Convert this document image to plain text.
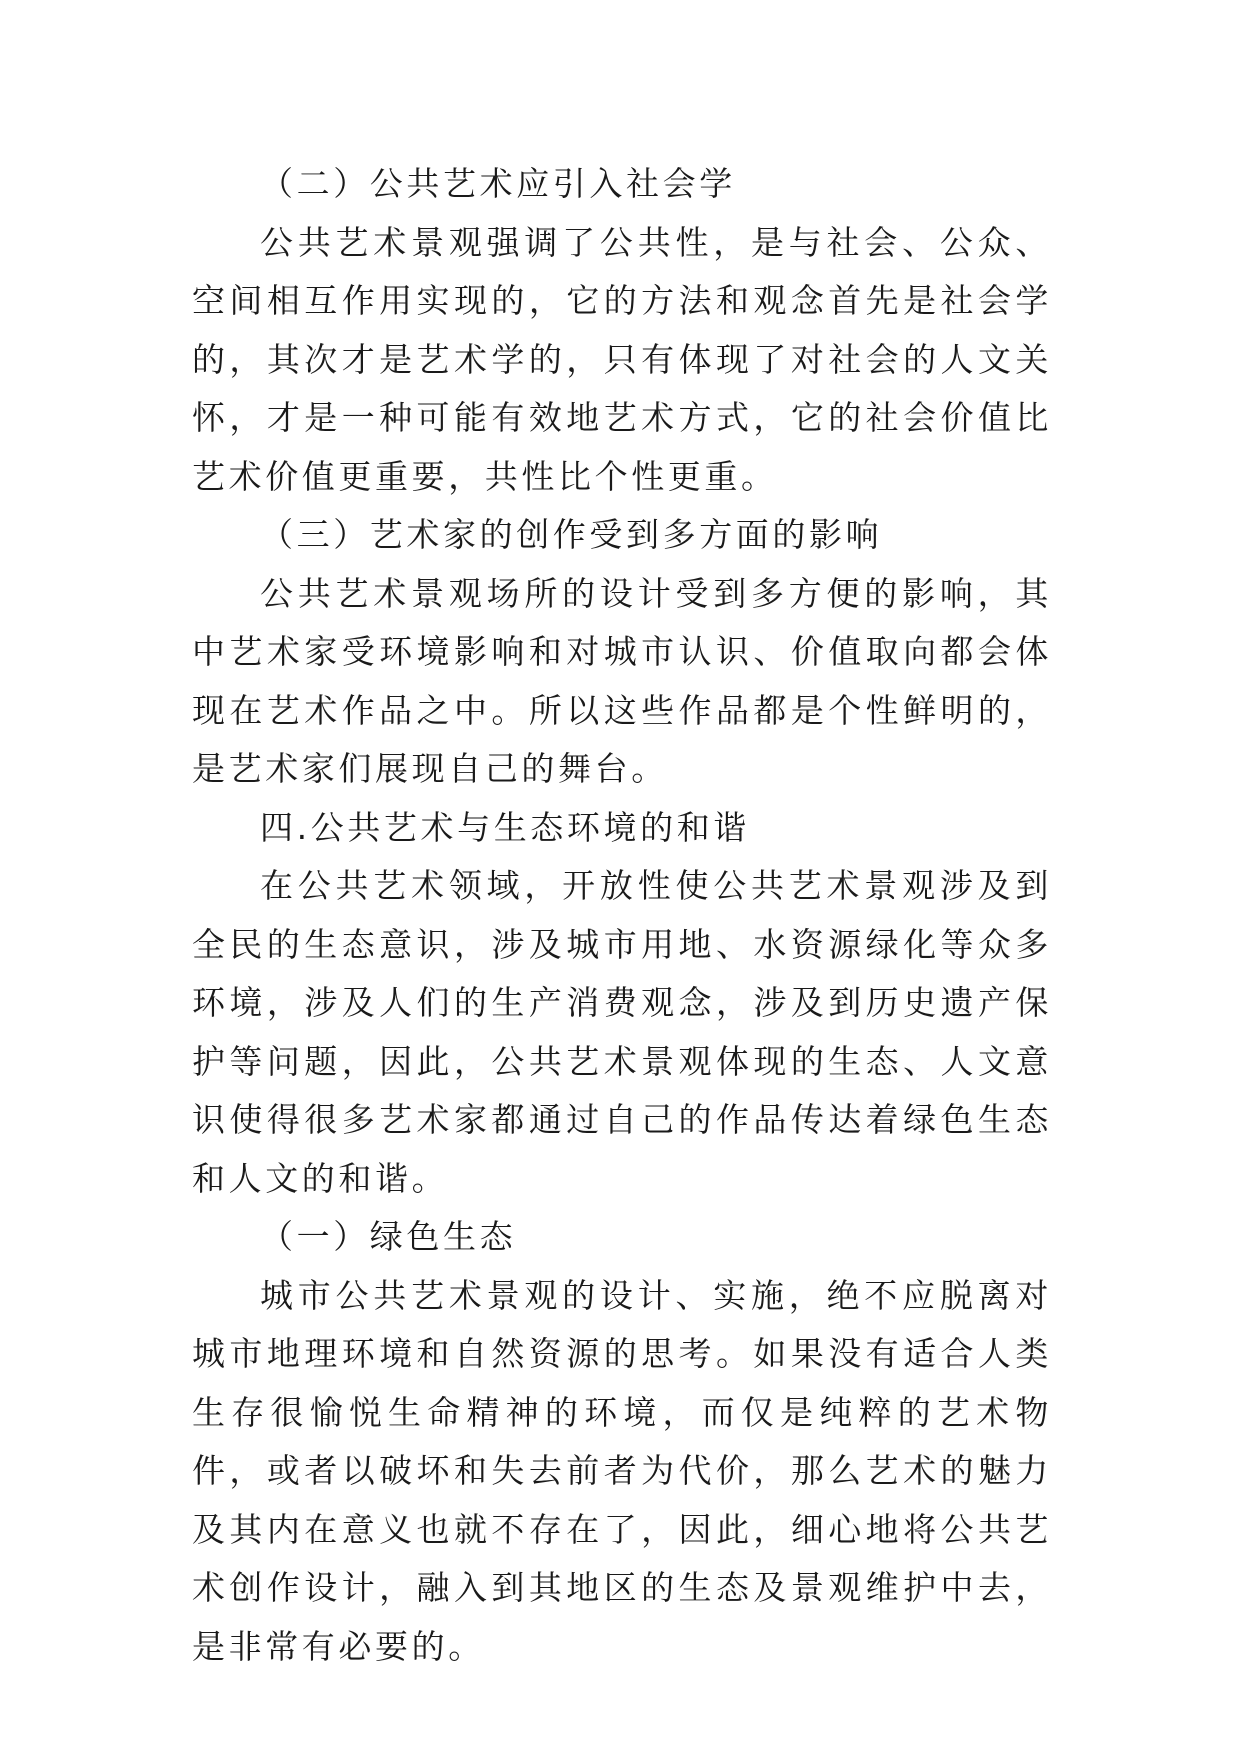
（二）公共艺术应引入社会学

公共艺术景观强调了公共性，是与社会、公众、空间相互作用实现的，它的方法和观念首先是社会学的，其次才是艺术学的，只有体现了对社会的人文关怀，才是一种可能有效地艺术方式，它的社会价值比艺术价值更重要，共性比个性更重。

（三）艺术家的创作受到多方面的影响

公共艺术景观场所的设计受到多方便的影响，其中艺术家受环境影响和对城市认识、价值取向都会体现在艺术作品之中。所以这些作品都是个性鲜明的，是艺术家们展现自己的舞台。

四.公共艺术与生态环境的和谐

在公共艺术领域，开放性使公共艺术景观涉及到全民的生态意识，涉及城市用地、水资源绿化等众多环境，涉及人们的生产消费观念，涉及到历史遗产保护等问题，因此，公共艺术景观体现的生态、人文意识使得很多艺术家都通过自己的作品传达着绿色生态和人文的和谐。

（一）绿色生态

城市公共艺术景观的设计、实施，绝不应脱离对城市地理环境和自然资源的思考。如果没有适合人类生存很愉悦生命精神的环境，而仅是纯粹的艺术物件，或者以破坏和失去前者为代价，那么艺术的魅力及其内在意义也就不存在了，因此，细心地将公共艺术创作设计，融入到其地区的生态及景观维护中去，是非常有必要的。
